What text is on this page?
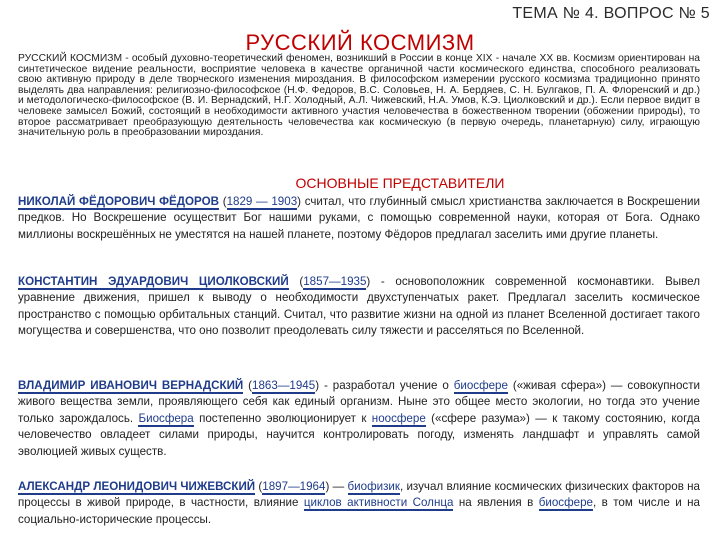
ТЕМА № 4. ВОПРОС № 5
РУССКИЙ КОСМИЗМ
РУССКИЙ КОСМИЗМ - особый духовно-теоретический феномен, возникший в России в конце XIX - начале XX вв. Космизм ориентирован на синтетическое видение реальности, восприятие человека в качестве органичной части космического единства, способного реализовать свою активную природу в деле творческого изменения мироздания. В философском измерении русского космизма традиционно принято выделять два направления: религиозно-философское (Н.Ф. Федоров, В.С. Соловьев, Н. А. Бердяев, С. Н. Булгаков, П. А. Флоренский и др.) и методологическо-философское (В. И. Вернадский, Н.Г. Холодный, А.Л. Чижевский, Н.А. Умов, К.Э. Циолковский и др.). Если первое видит в человеке замысел Божий, состоящий в необходимости активного участия человечества в божественном творении (обожении природы), то второе рассматривает преобразующую деятельность человечества как космическую (в первую очередь, планетарную) силу, играющую значительную роль в преобразовании мироздания.
ОСНОВНЫЕ ПРЕДСТАВИТЕЛИ
НИКОЛАЙ ФЁДОРОВИЧ ФЁДОРОВ (1829 — 1903) считал, что глубинный смысл христианства заключается в Воскрешении предков. Но Воскрешение осуществит Бог нашими руками, с помощью современной науки, которая от Бога. Однако миллионы воскрешённых не уместятся на нашей планете, поэтому Фёдоров предлагал заселить ими другие планеты.
КОНСТАНТИН ЭДУАРДОВИЧ ЦИОЛКОВСКИЙ (1857—1935) - основоположник современной космонавтики. Вывел уравнение движения, пришел к выводу о необходимости двухступенчатых ракет. Предлагал заселить космическое пространство с помощью орбитальных станций. Считал, что развитие жизни на одной из планет Вселенной достигает такого могущества и совершенства, что оно позволит преодолевать силу тяжести и расселяться по Вселенной.
ВЛАДИМИР ИВАНОВИЧ ВЕРНАДСКИЙ (1863—1945) - разработал учение о биосфере («живая сфера») — совокупности живого вещества земли, проявляющего себя как единый организм. Ныне это общее место экологии, но тогда это учение только зарождалось. Биосфера постепенно эволюционирует к ноосфере («сфере разума») — к такому состоянию, когда человечество овладеет силами природы, научится контролировать погоду, изменять ландшафт и управлять самой эволюцией живых существ.
АЛЕКСАНДР ЛЕОНИДОВИЧ ЧИЖЕВСКИЙ (1897—1964) — биофизик, изучал влияние космических физических факторов на процессы в живой природе, в частности, влияние циклов активности Солнца на явления в биосфере, в том числе и на социально-исторические процессы.
